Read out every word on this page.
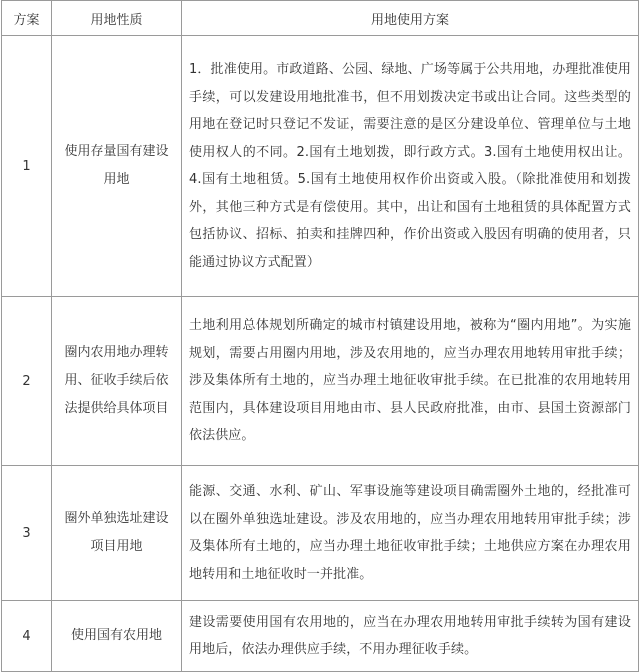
方案	用地性质	用地使用方案
1	使用存量国有建设用地	1．批准使用。市政道路、公园、绿地、广场等属于公共用地，办理批准使用手续，可以发建设用地批准书，但不用划拨决定书或出让合同。这些类型的用地在登记时只登记不发证，需要注意的是区分建设单位、管理单位与土地使用权人的不同。2.国有土地划拨，即行政方式。3.国有土地使用权出让。4.国有土地租赁。5.国有土地使用权作价出资或入股。（除批准使用和划拨外，其他三种方式是有偿使用。其中，出让和国有土地租赁的具体配置方式包括协议、招标、拍卖和挂牌四种，作价出资或入股因有明确的使用者，只能通过协议方式配置）
2	圈内农用地办理转用、征收手续后依法提供给具体项目	土地利用总体规划所确定的城市村镇建设用地，被称为“圈内用地”。为实施规划，需要占用圈内用地，涉及农用地的，应当办理农用地转用审批手续；涉及集体所有土地的，应当办理土地征收审批手续。在已批准的农用地转用范围内，具体建设项目用地由市、县人民政府批准，由市、县国土资源部门依法供应。
3	圈外单独选址建设项目用地	能源、交通、水利、矿山、军事设施等建设项目确需圈外土地的，经批准可以在圈外单独选址建设。涉及农用地的，应当办理农用地转用审批手续；涉及集体所有土地的，应当办理土地征收审批手续；土地供应方案在办理农用地转用和土地征收时一并批准。
4	使用国有农用地	建设需要使用国有农用地的，应当在办理农用地转用审批手续转为国有建设用地后，依法办理供应手续，不用办理征收手续。
